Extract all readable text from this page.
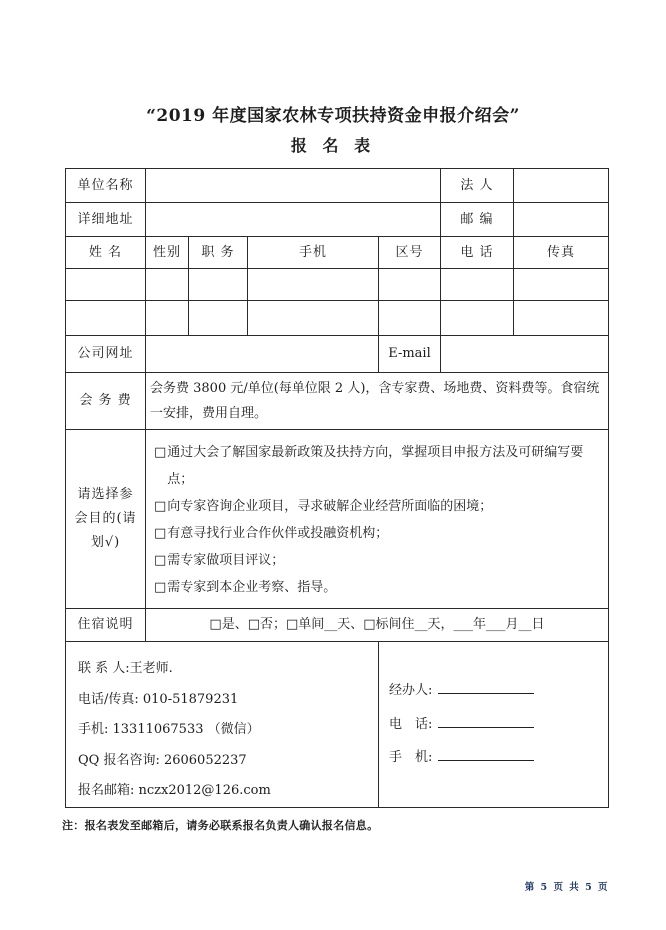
“2019 年度国家农林专项扶持资金申报介绍会”
报 名 表
单位名称					法 人	
详细地址					邮 编	
姓 名	性别	职 务	手机	区号	电 话	传真

公司网址				E-mail		
会 务 费	会务费 3800 元/单位(每单位限 2 人)，含专家费、场地费、资料费等。食宿统一安排，费用自理。					
请选择参会目的(请划√)	
□ 通过大会了解国家最新政策及扶持方向，掌握项目申报方法及可研编写要点；
□ 向专家咨询企业项目，寻求破解企业经营所面临的困境；
□ 有意寻找行业合作伙伴或投融资机构；
□ 需专家做项目评议；
□ 需专家到本企业考察、指导。

住宿说明	□是、□否；□单间__天、□标间住__天，___年___月__日					

联 系 人:王老师.
电话/传真: 010-51879231
手机: 13311067533 （微信）
QQ 报名咨询: 2606052237
报名邮箱: nczx2012@126.com

经办人:
电　话:
手　机:
注：报名表发至邮箱后，请务必联系报名负责人确认报名信息。
第 5 页 共 5 页
